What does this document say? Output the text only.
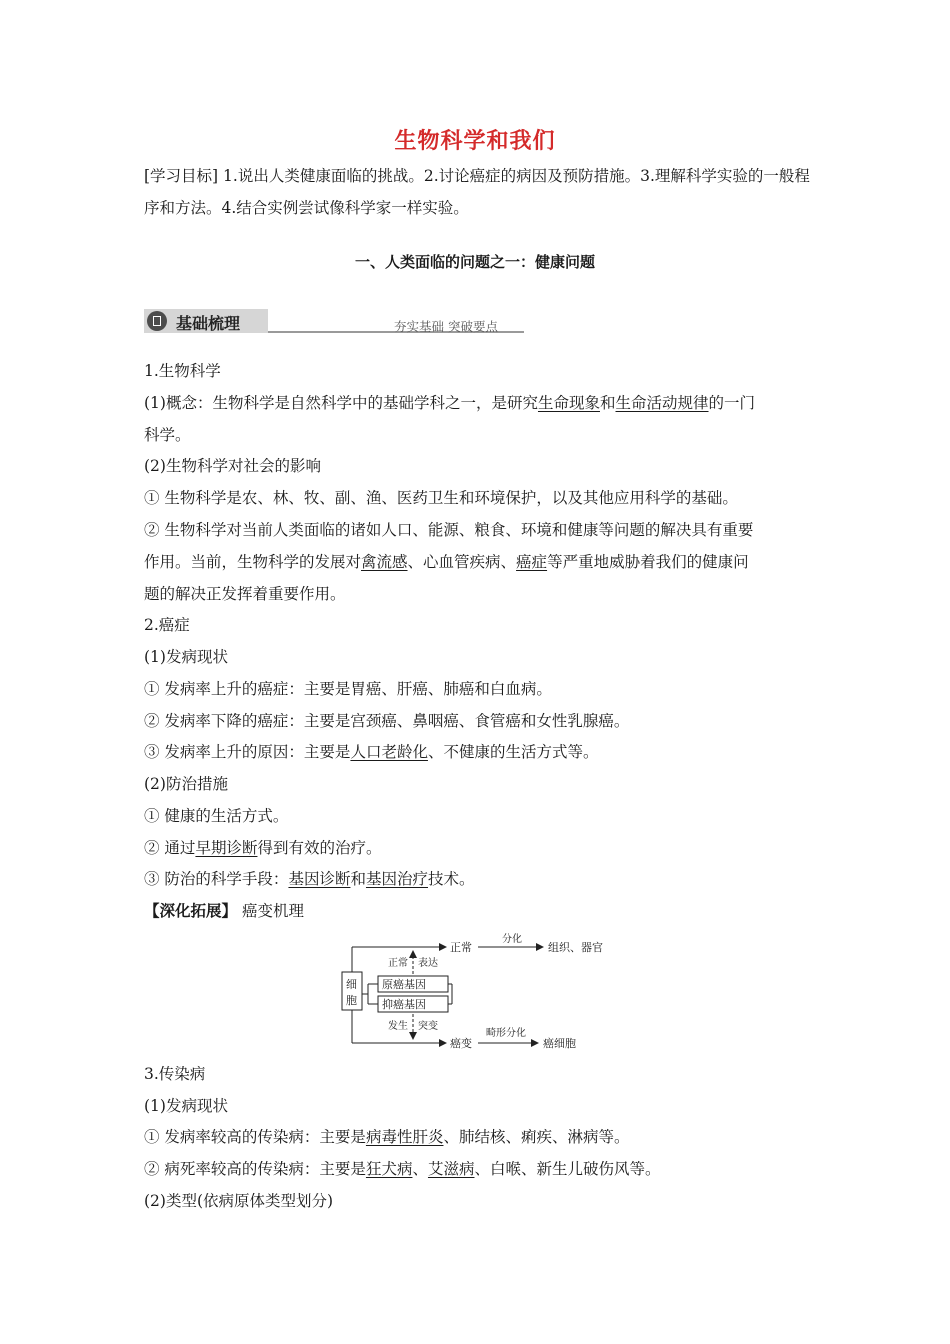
生物科学和我们
[学习目标] 1.说出人类健康面临的挑战。2.讨论癌症的病因及预防措施。3.理解科学实验的一般程序和方法。4.结合实例尝试像科学家一样实验。
一、人类面临的问题之一：健康问题
基础梳理	夯实基础 突破要点
1.生物科学
(1)概念：生物科学是自然科学中的基础学科之一，是研究生命现象和生命活动规律的一门
科学。
(2)生物科学对社会的影响
① 生物科学是农、林、牧、副、渔、医药卫生和环境保护，以及其他应用科学的基础。
② 生物科学对当前人类面临的诸如人口、能源、粮食、环境和健康等问题的解决具有重要
作用。当前，生物科学的发展对禽流感、心血管疾病、癌症等严重地威胁着我们的健康问
题的解决正发挥着重要作用。
2.癌症
(1)发病现状
① 发病率上升的癌症：主要是胃癌、肝癌、肺癌和白血病。
② 发病率下降的癌症：主要是宫颈癌、鼻咽癌、食管癌和女性乳腺癌。
③ 发病率上升的原因：主要是人口老龄化、不健康的生活方式等。
(2)防治措施
① 健康的生活方式。
② 通过早期诊断得到有效的治疗。
③ 防治的科学手段：基因诊断和基因治疗技术。
【深化拓展】 癌变机理
细
胞
正常
分化
组织、器官
癌变
畸形分化
癌细胞
原癌基因
抑癌基因
正常 表达
发生 突变
3.传染病
(1)发病现状
① 发病率较高的传染病：主要是病毒性肝炎、肺结核、痢疾、淋病等。
② 病死率较高的传染病：主要是狂犬病、艾滋病、白喉、新生儿破伤风等。
(2)类型(依病原体类型划分)
